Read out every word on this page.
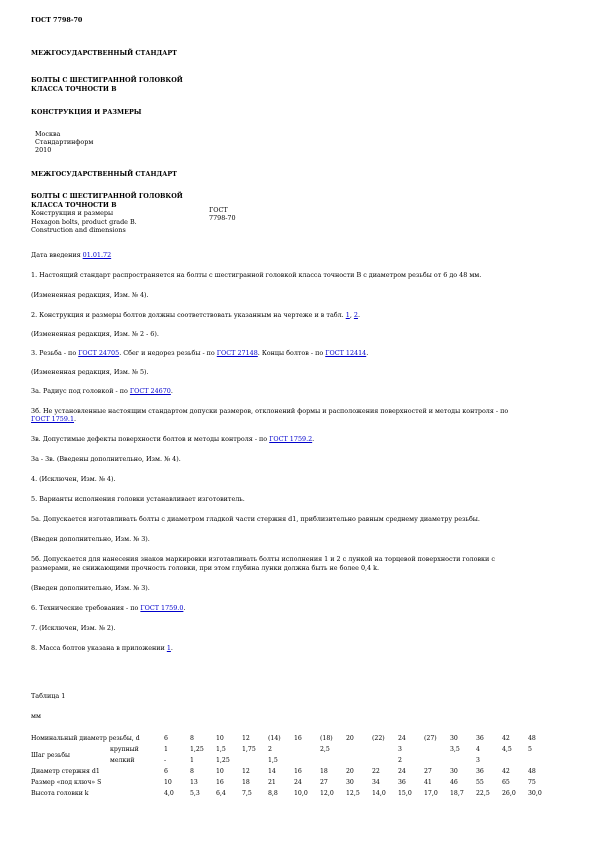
ГОСТ 7798-70
МЕЖГОСУДАРСТВЕННЫЙ СТАНДАРТ
БОЛТЫ С ШЕСТИГРАННОЙ ГОЛОВКОЙ
КЛАССА ТОЧНОСТИ В
КОНСТРУКЦИЯ И РАЗМЕРЫ
Москва
Стандартинформ
2010
МЕЖГОСУДАРСТВЕННЫЙ СТАНДАРТ
БОЛТЫ С ШЕСТИГРАННОЙ ГОЛОВКОЙ
КЛАССА ТОЧНОСТИ В
Конструкция и размеры
Hexagon bolts, product grade B.
Construction and dimensions
ГОСТ
7798-70
Дата введения 01.01.72
1. Настоящий стандарт распространяется на болты с шестигранной головкой класса точности В с диаметром резьбы от 6 до 48 мм.
(Измененная редакция, Изм. № 4).
2. Конструкция и размеры болтов должны соответствовать указанным на чертеже и в табл. 1, 2.
(Измененная редакция, Изм. № 2 - 6).
3. Резьба - по ГОСТ 24705. Сбег и недорез резьбы - по ГОСТ 27148. Концы болтов - по ГОСТ 12414.
(Измененная редакция, Изм. № 5).
3а. Радиус под головкой - по ГОСТ 24670.
3б. Не установленные настоящим стандартом допуски размеров, отклонений формы и расположения поверхностей и методы контроля - по
ГОСТ 1759.1.
3в. Допустимые дефекты поверхности болтов и методы контроля - по ГОСТ 1759.2.
3а - 3в. (Введены дополнительно, Изм. № 4).
4. (Исключен, Изм. № 4).
5. Варианты исполнения головки устанавливает изготовитель.
5а. Допускается изготавливать болты с диаметром гладкой части стержня d1, приблизительно равным среднему диаметру резьбы.
(Введен дополнительно, Изм. № 3).
5б. Допускается для нанесения знаков маркировки изготавливать болты исполнения 1 и 2 с лункой на торцевой поверхности головки с
размерами, не снижающими прочность головки, при этом глубина лунки должна быть не более 0,4 k.
(Введен дополнительно, Изм. № 3).
6. Технические требования - по ГОСТ 1759.0.
7. (Исключен, Изм. № 2).
8. Масса болтов указана в приложении 1.
Таблица 1
мм
Номинальный диаметр резьбы, d		6	8	10	12	(14)	16	(18)	20	(22)	24	(27)	30	36	42	48
Шаг резьбы	крупный	1	1,25	1,5	1,75	2		2,5			3		3,5	4	4,5	5
	мелкий	-	1	1,25		1,5					2			3		
Диаметр стержня d1		6	8	10	12	14	16	18	20	22	24	27	30	36	42	48
Размер «под ключ» S		10	13	16	18	21	24	27	30	34	36	41	46	55	65	75
Высота головки k		4,0	5,3	6,4	7,5	8,8	10,0	12,0	12,5	14,0	15,0	17,0	18,7	22,5	26,0	30,0
